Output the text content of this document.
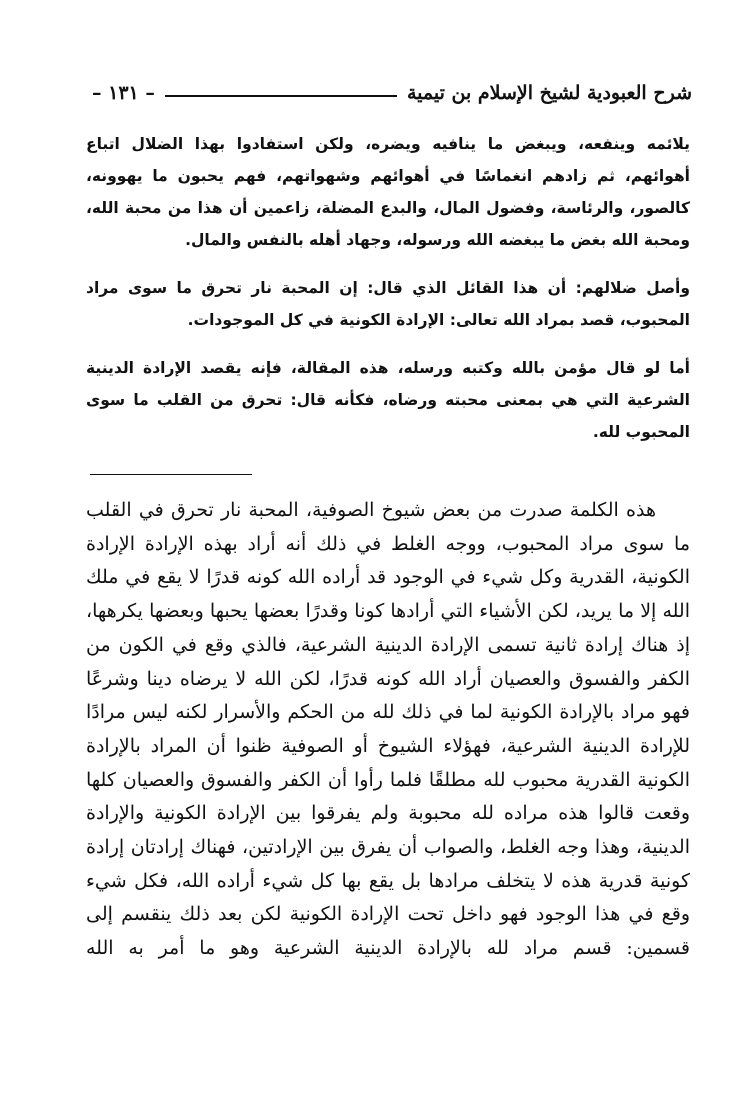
شرح العبودية لشيخ الإسلام بن تيمية
– ١٣١ –

يلائمه وينفعه، ويبغض ما ينافيه ويضره، ولكن استفادوا بهذا الضلال اتباع أهوائهم، ثم زادهم انغماسًا في أهوائهم وشهواتهم، فهم يحبون ما يهوونه، كالصور، والرئاسة، وفضول المال، والبدع المضلة، زاعمين أن هذا من محبة الله، ومحبة الله بغض ما يبغضه الله ورسوله، وجهاد أهله بالنفس والمال.

وأصل ضلالهم: أن هذا القائل الذي قال: إن المحبة نار تحرق ما سوى مراد المحبوب، قصد بمراد الله تعالى: الإرادة الكونية في كل الموجودات.

أما لو قال مؤمن بالله وكتبه ورسله، هذه المقالة، فإنه يقصد الإرادة الدينية الشرعية التي هي بمعنى محبته ورضاه، فكأنه قال: تحرق من القلب ما سوى المحبوب لله.

هذه الكلمة صدرت من بعض شيوخ الصوفية، المحبة نار تحرق في القلب ما سوى مراد المحبوب، ووجه الغلط في ذلك أنه أراد بهذه الإرادة الإرادة الكونية، القدرية وكل شيء في الوجود قد أراده الله كونه قدرًا لا يقع في ملك الله إلا ما يريد، لكن الأشياء التي أرادها كونا وقدرًا بعضها يحبها وبعضها يكرهها، إذ هناك إرادة ثانية تسمى الإرادة الدينية الشرعية، فالذي وقع في الكون من الكفر والفسوق والعصيان أراد الله كونه قدرًا، لكن الله لا يرضاه دينا وشرعًا فهو مراد بالإرادة الكونية لما في ذلك لله من الحكم والأسرار لكنه ليس مرادًا للإرادة الدينية الشرعية، فهؤلاء الشيوخ أو الصوفية ظنوا أن المراد بالإرادة الكونية القدرية محبوب لله مطلقًا فلما رأوا أن الكفر والفسوق والعصيان كلها وقعت قالوا هذه مراده لله محبوبة ولم يفرقوا بين الإرادة الكونية والإرادة الدينية، وهذا وجه الغلط، والصواب أن يفرق بين الإرادتين، فهناك إرادتان إرادة كونية قدرية هذه لا يتخلف مرادها بل يقع بها كل شيء أراده الله، فكل شيء وقع في هذا الوجود فهو داخل تحت الإرادة الكونية لكن بعد ذلك ينقسم إلى قسمين: قسم مراد لله بالإرادة الدينية الشرعية وهو ما أمر به الله
